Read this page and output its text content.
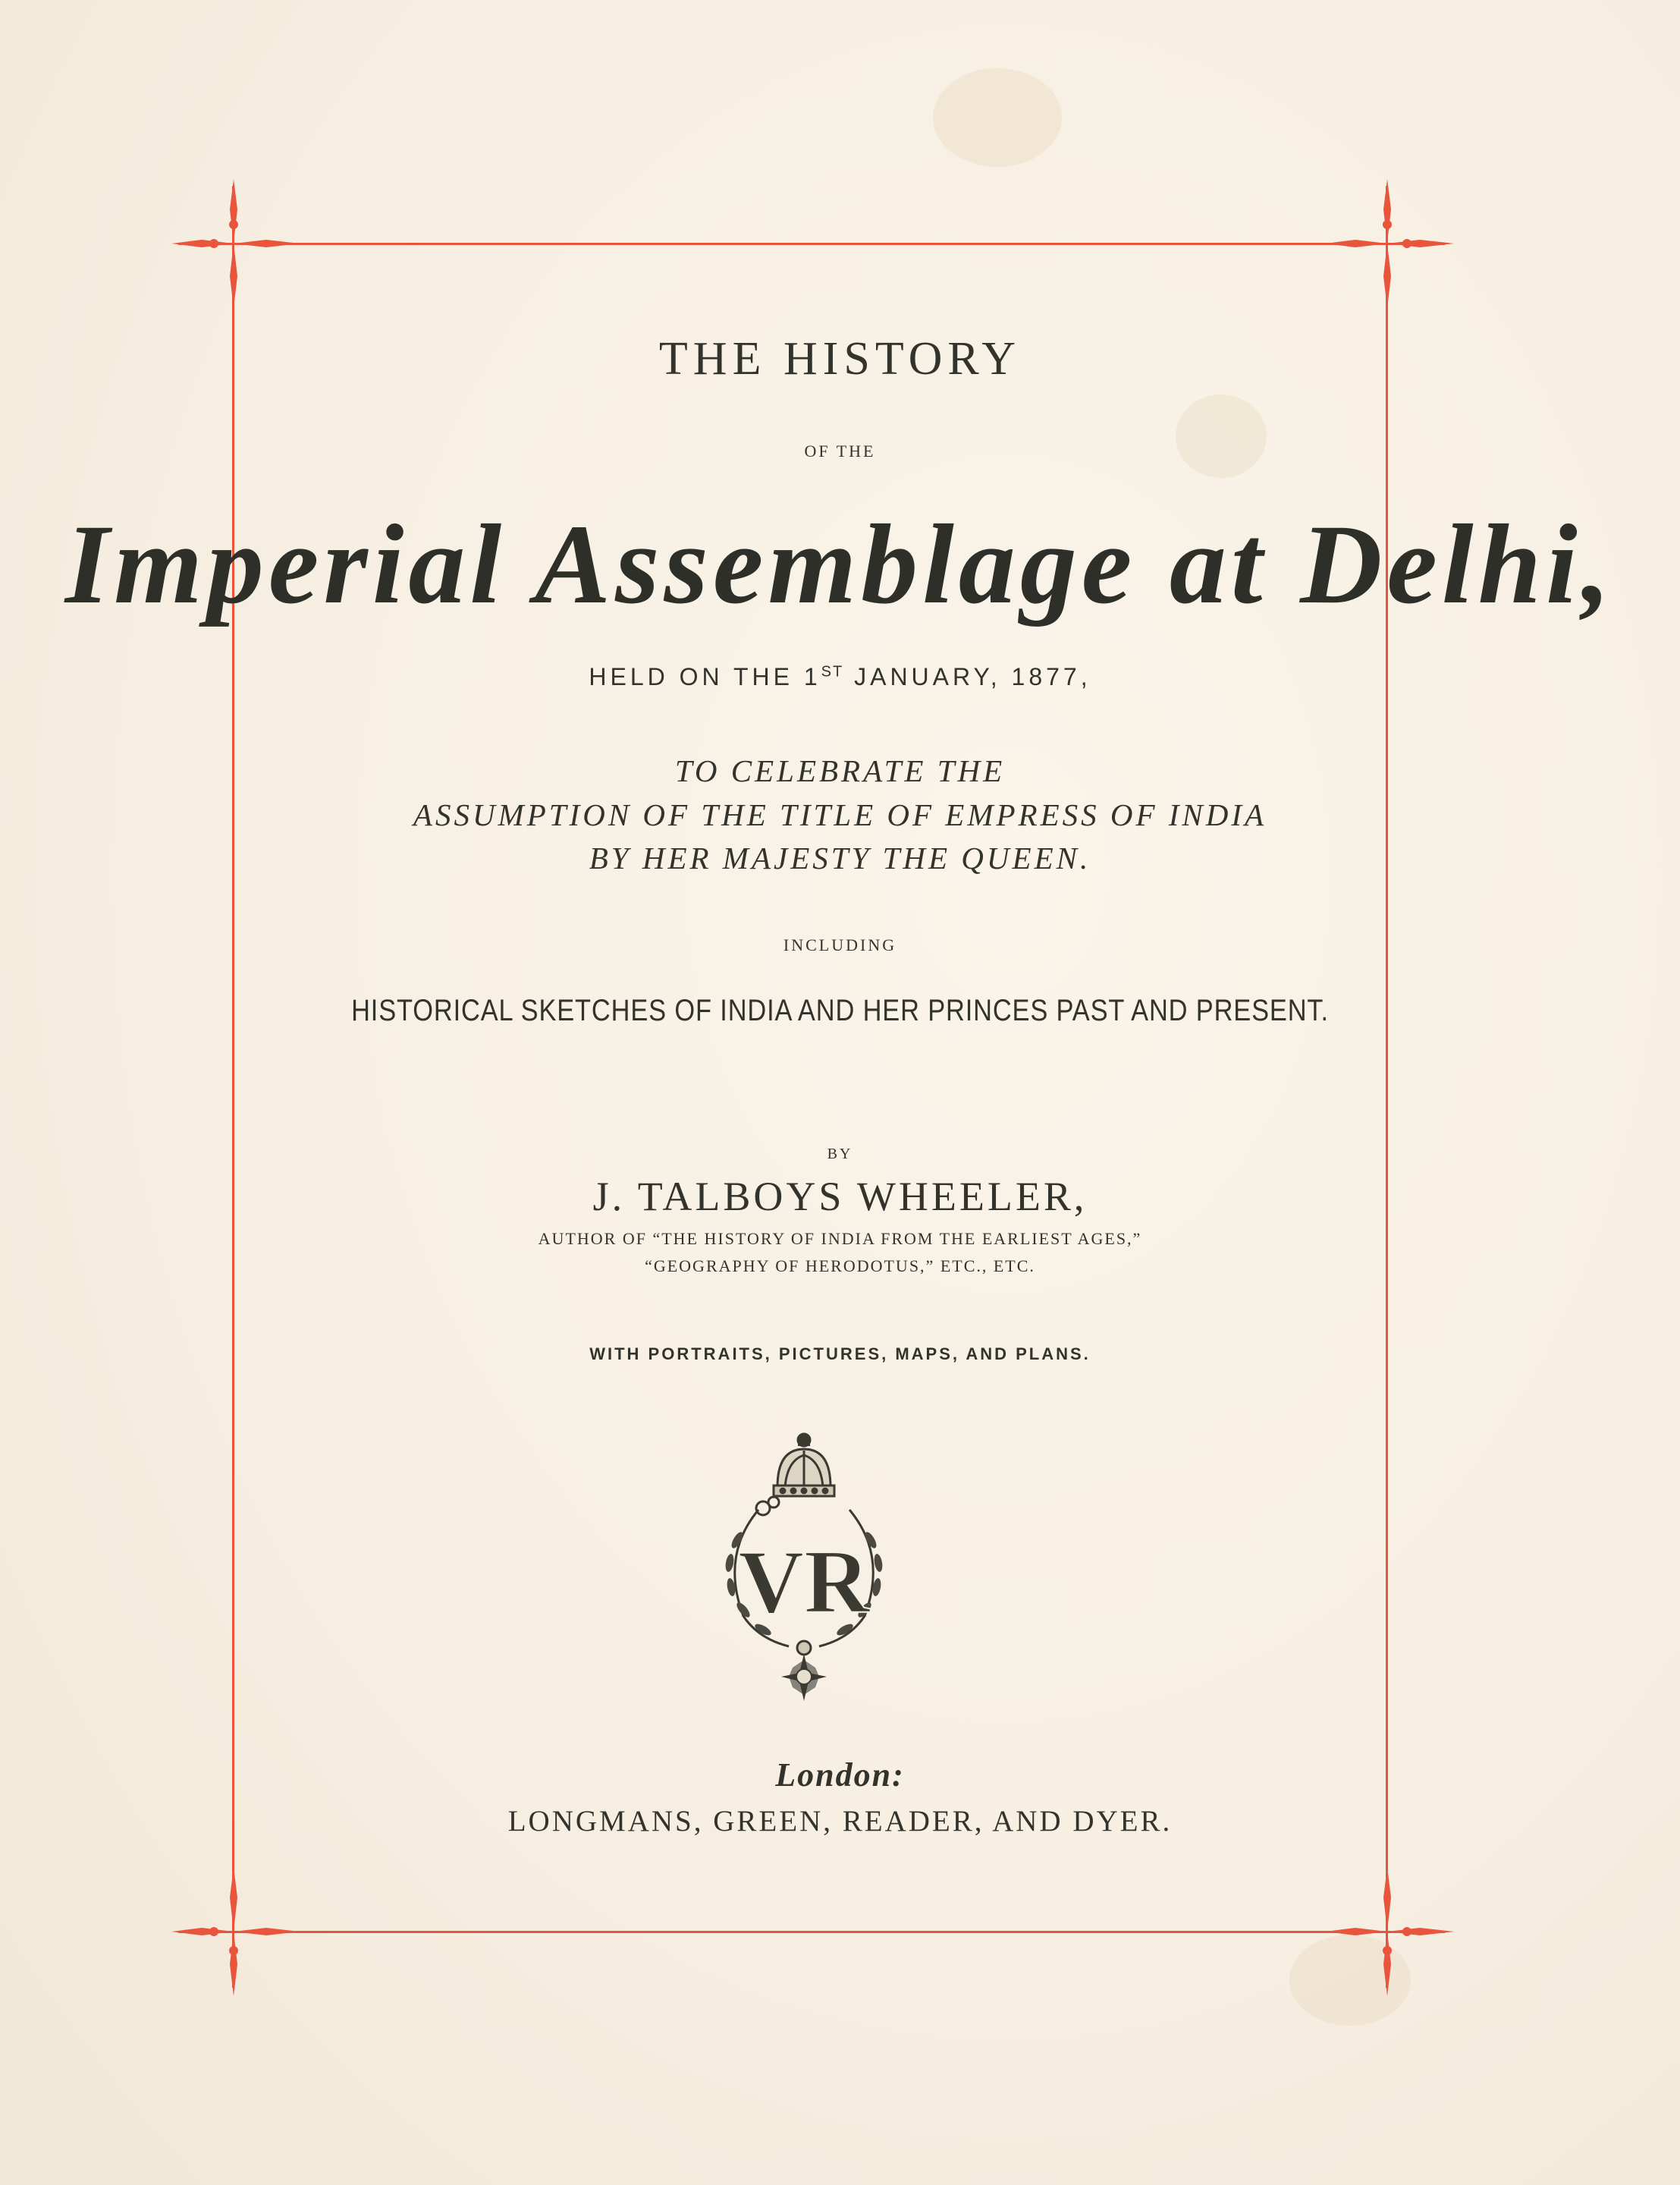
THE HISTORY
OF THE
Imperial Assemblage at Delhi,
HELD ON THE 1ST JANUARY, 1877,
TO CELEBRATE THE
ASSUMPTION OF THE TITLE OF EMPRESS OF INDIA
BY HER MAJESTY THE QUEEN.
INCLUDING
HISTORICAL SKETCHES OF INDIA AND HER PRINCES PAST AND PRESENT.
BY
J. TALBOYS WHEELER,
AUTHOR OF “THE HISTORY OF INDIA FROM THE EARLIEST AGES,”
“GEOGRAPHY OF HERODOTUS,” ETC., ETC.
WITH PORTRAITS, PICTURES, MAPS, AND PLANS.
VR
London:
LONGMANS, GREEN, READER, AND DYER.
